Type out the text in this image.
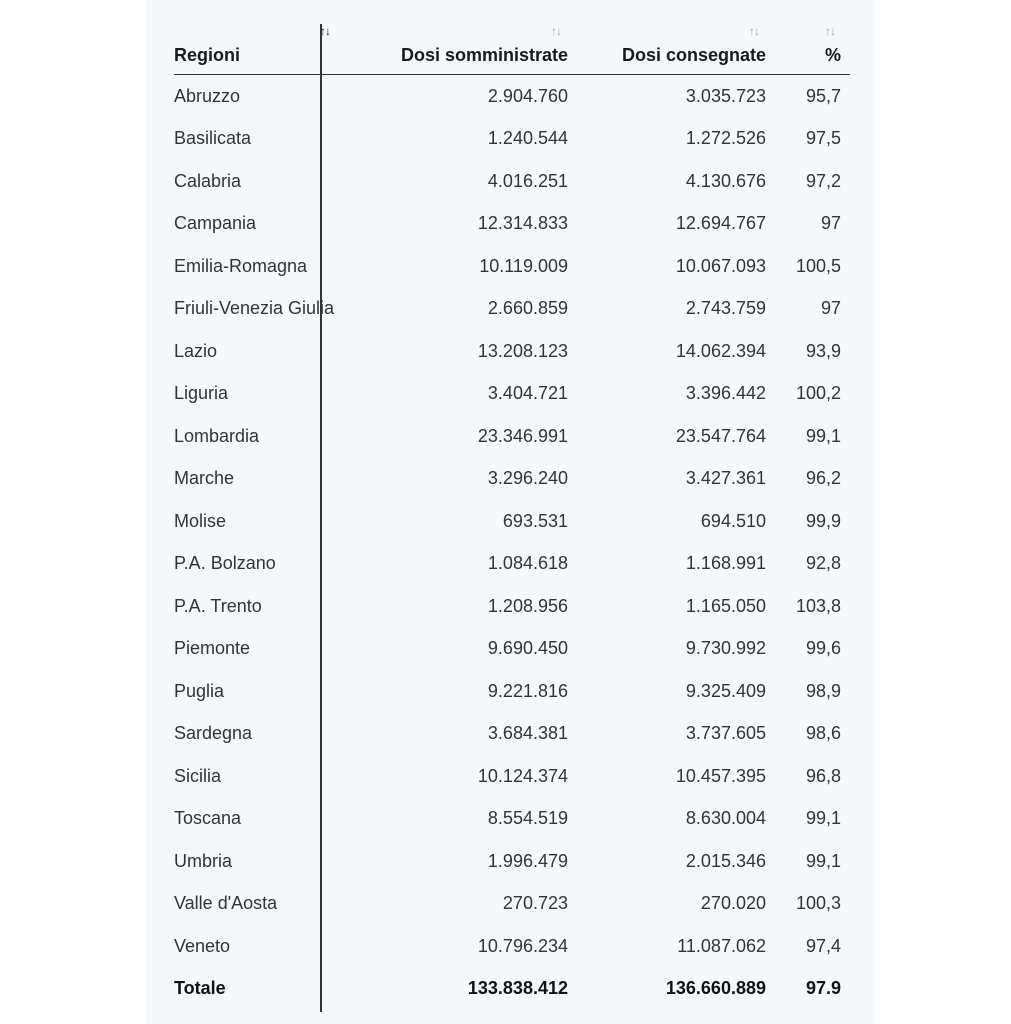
↑↓	↑↓	↑↓	↑↓
Regioni	Dosi somministrate	Dosi consegnate	%
Abruzzo	2.904.760	3.035.723	95,7
Basilicata	1.240.544	1.272.526	97,5
Calabria	4.016.251	4.130.676	97,2
Campania	12.314.833	12.694.767	97
Emilia-Romagna	10.119.009	10.067.093	100,5
Friuli-Venezia Giulia	2.660.859	2.743.759	97
Lazio	13.208.123	14.062.394	93,9
Liguria	3.404.721	3.396.442	100,2
Lombardia	23.346.991	23.547.764	99,1
Marche	3.296.240	3.427.361	96,2
Molise	693.531	694.510	99,9
P.A. Bolzano	1.084.618	1.168.991	92,8
P.A. Trento	1.208.956	1.165.050	103,8
Piemonte	9.690.450	9.730.992	99,6
Puglia	9.221.816	9.325.409	98,9
Sardegna	3.684.381	3.737.605	98,6
Sicilia	10.124.374	10.457.395	96,8
Toscana	8.554.519	8.630.004	99,1
Umbria	1.996.479	2.015.346	99,1
Valle d'Aosta	270.723	270.020	100,3
Veneto	10.796.234	11.087.062	97,4
Totale	133.838.412	136.660.889	97.9
